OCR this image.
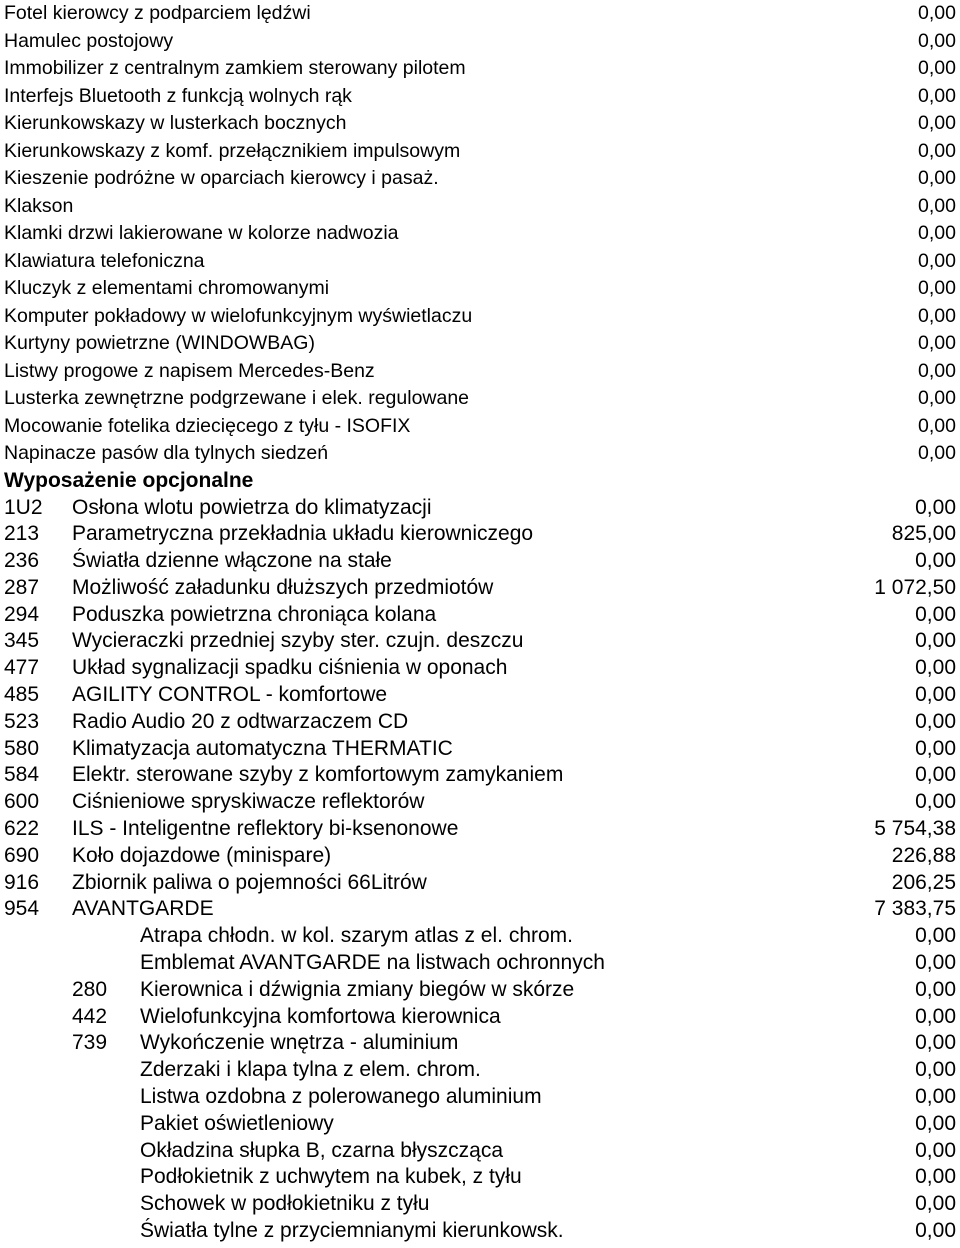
Fotel kierowcy z podparciem lędźwi	0,00
Hamulec postojowy	0,00
Immobilizer z centralnym zamkiem sterowany pilotem	0,00
Interfejs Bluetooth z funkcją wolnych rąk	0,00
Kierunkowskazy w lusterkach bocznych	0,00
Kierunkowskazy z komf. przełącznikiem impulsowym	0,00
Kieszenie podróżne w oparciach kierowcy i pasaż.	0,00
Klakson	0,00
Klamki drzwi lakierowane w kolorze nadwozia	0,00
Klawiatura telefoniczna	0,00
Kluczyk z elementami chromowanymi	0,00
Komputer pokładowy w wielofunkcyjnym wyświetlaczu	0,00
Kurtyny powietrzne (WINDOWBAG)	0,00
Listwy progowe z napisem Mercedes-Benz	0,00
Lusterka zewnętrzne podgrzewane i elek. regulowane	0,00
Mocowanie fotelika dziecięcego z tyłu - ISOFIX	0,00
Napinacze pasów dla tylnych siedzeń	0,00
Wyposażenie opcjonalne
1U2	Osłona wlotu powietrza do klimatyzacji	0,00
213	Parametryczna przekładnia układu kierowniczego	825,00
236	Światła dzienne włączone na stałe	0,00
287	Możliwość załadunku dłuższych przedmiotów	1 072,50
294	Poduszka powietrzna chroniąca kolana	0,00
345	Wycieraczki przedniej szyby ster. czujn. deszczu	0,00
477	Układ sygnalizacji spadku ciśnienia w oponach	0,00
485	AGILITY CONTROL - komfortowe	0,00
523	Radio Audio 20 z odtwarzaczem CD	0,00
580	Klimatyzacja automatyczna THERMATIC	0,00
584	Elektr. sterowane szyby z komfortowym zamykaniem	0,00
600	Ciśnieniowe spryskiwacze reflektorów	0,00
622	ILS - Inteligentne reflektory bi-ksenonowe	5 754,38
690	Koło dojazdowe (minispare)	226,88
916	Zbiornik paliwa o pojemności 66Litrów	206,25
954	AVANTGARDE	7 383,75
Atrapa chłodn. w kol. szarym atlas z el. chrom.	0,00
Emblemat AVANTGARDE na listwach ochronnych	0,00
280	Kierownica i dźwignia zmiany biegów w skórze	0,00
442	Wielofunkcyjna komfortowa kierownica	0,00
739	Wykończenie wnętrza - aluminium	0,00
Zderzaki i klapa tylna z elem. chrom.	0,00
Listwa ozdobna z polerowanego aluminium	0,00
Pakiet oświetleniowy	0,00
Okładzina słupka B, czarna błyszcząca	0,00
Podłokietnik z uchwytem na kubek, z tyłu	0,00
Schowek w podłokietniku z tyłu	0,00
Światła tylne z przyciemnianymi kierunkowsk.	0,00
